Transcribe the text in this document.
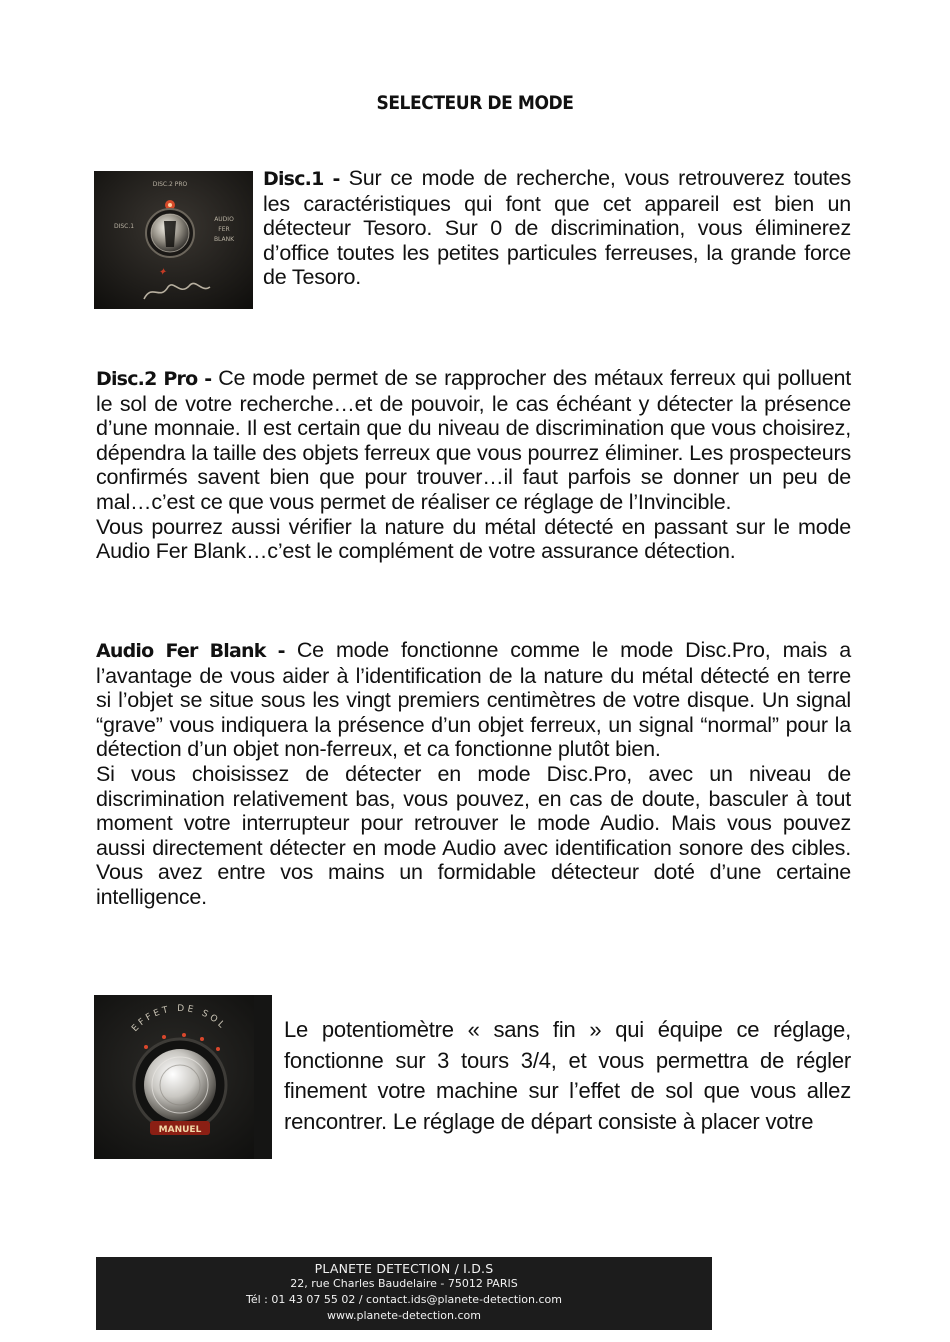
SELECTEUR DE MODE
DISC.2 PRO
DISC.1
AUDIO
FER
BLANK
✦
Disc.1 - Sur ce mode de recherche, vous retrouverez toutes les caractéristiques qui font que cet appareil est bien un détecteur Tesoro. Sur 0 de discrimination, vous éliminerez d’office toutes les petites particules ferreuses, la grande force de Tesoro.
Disc.2 Pro - Ce mode permet de se rapprocher des métaux ferreux qui polluent le sol de votre recherche…et de pouvoir, le cas échéant y détecter la présence d’une monnaie. Il est certain que du niveau de discrimination que vous choisirez, dépendra la taille des objets ferreux que vous pourrez éliminer. Les prospecteurs confirmés savent bien que pour trouver…il faut parfois se donner un peu de mal…c’est ce que vous permet de réaliser ce réglage de l’Invincible.
Vous pourrez aussi vérifier la nature du métal détecté en passant sur le mode Audio Fer Blank…c’est le complément de votre assurance détection.
Audio Fer Blank - Ce mode fonctionne comme le mode Disc.Pro, mais a l’avantage de vous aider à l’identification de la nature du métal détecté en terre si l’objet se situe sous les vingt premiers centimètres de votre disque. Un signal “grave” vous indiquera la présence d’un objet ferreux, un signal “normal” pour la détection d’un objet non-ferreux, et ca fonctionne plutôt bien.
Si vous choisissez de détecter en mode Disc.Pro, avec un niveau de discrimination relativement bas, vous pouvez, en cas de doute, basculer à tout moment votre interrupteur pour retrouver le mode Audio. Mais vous pouvez aussi directement détecter en mode Audio avec identification sonore des cibles. Vous avez entre vos mains un formidable détecteur doté d’une certaine intelligence.
EFFET DE SOL
MANUEL
Le potentiomètre « sans fin » qui équipe ce réglage, fonctionne sur 3 tours 3/4, et vous permettra de régler finement votre machine sur l’effet de sol que vous allez rencontrer. Le réglage de départ consiste à placer votre
PLANETE DETECTION / I.D.S
22, rue Charles Baudelaire - 75012 PARIS
Tél : 01 43 07 55 02 / contact.ids@planete-detection.com
www.planete-detection.com
